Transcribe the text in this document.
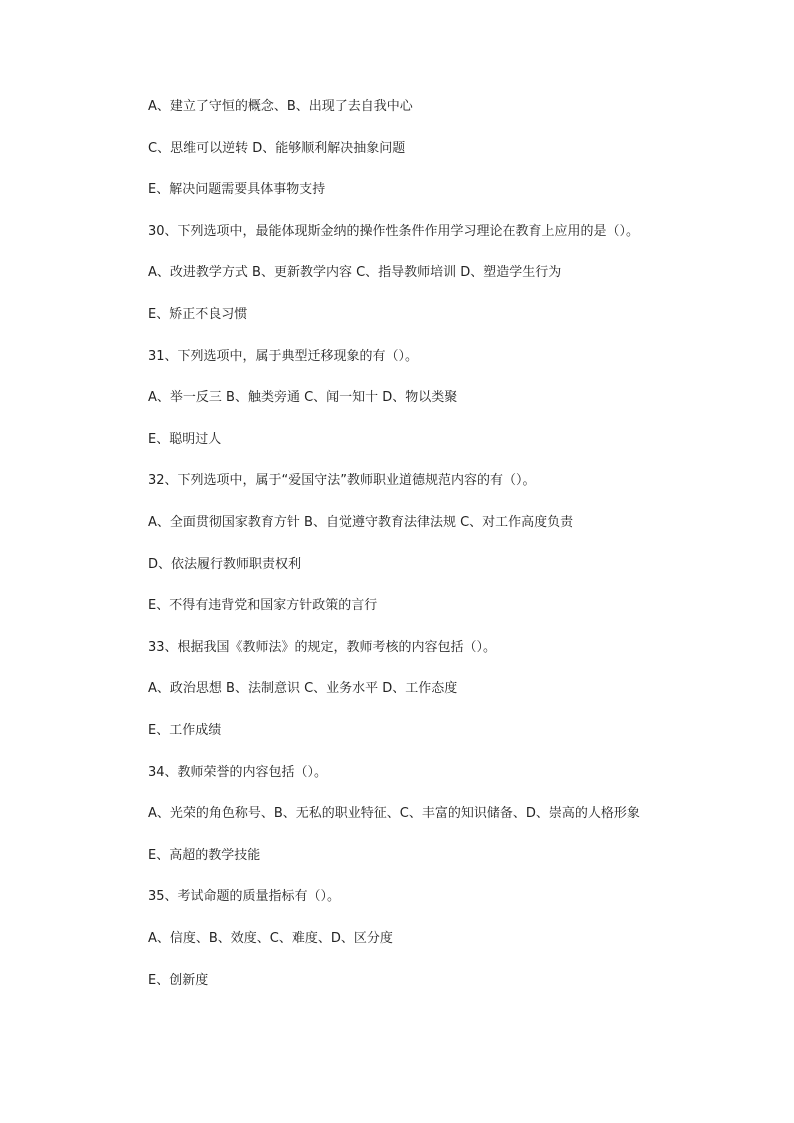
A、建立了守恒的概念、B、出现了去自我中心
C、思维可以逆转 D、能够顺利解决抽象问题
E、解决问题需要具体事物支持
30、下列选项中，最能体现斯金纳的操作性条件作用学习理论在教育上应用的是（）。
A、改进教学方式 B、更新教学内容 C、指导教师培训 D、塑造学生行为
E、矫正不良习惯
31、下列选项中，属于典型迁移现象的有（）。
A、举一反三 B、触类旁通 C、闻一知十 D、物以类聚
E、聪明过人
32、下列选项中，属于“爱国守法”教师职业道德规范内容的有（）。
A、全面贯彻国家教育方针 B、自觉遵守教育法律法规 C、对工作高度负责
D、依法履行教师职责权利
E、不得有违背党和国家方针政策的言行
33、根据我国《教师法》的规定，教师考核的内容包括（）。
A、政治思想 B、法制意识 C、业务水平 D、工作态度
E、工作成绩
34、教师荣誉的内容包括（）。
A、光荣的角色称号、B、无私的职业特征、C、丰富的知识储备、D、崇高的人格形象
E、高超的教学技能
35、考试命题的质量指标有（）。
A、信度、B、效度、C、难度、D、区分度
E、创新度
